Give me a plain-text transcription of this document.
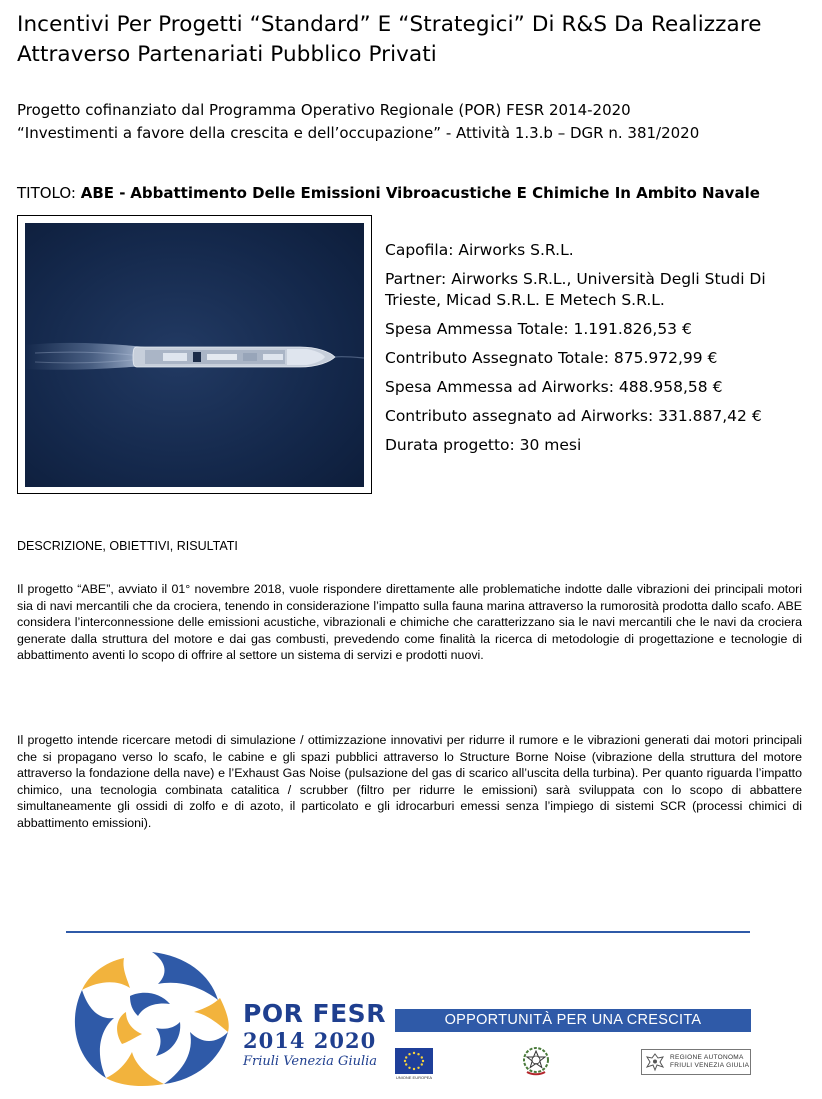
Incentivi Per Progetti “Standard” E “Strategici” Di R&S Da Realizzare Attraverso Partenariati Pubblico Privati
Progetto cofinanziato dal Programma Operativo Regionale (POR) FESR 2014-2020
“Investimenti a favore della crescita e dell’occupazione” - Attività 1.3.b – DGR n. 381/2020
TITOLO: ABE - Abbattimento Delle Emissioni Vibroacustiche E Chimiche In Ambito Navale
Capofila: Airworks S.R.L.
Partner: Airworks S.R.L., Università Degli Studi Di Trieste, Micad S.R.L. E Metech S.R.L.
Spesa Ammessa Totale: 1.191.826,53 €
Contributo Assegnato Totale: 875.972,99 €
Spesa Ammessa ad Airworks: 488.958,58 €
Contributo assegnato ad Airworks: 331.887,42 €
Durata progetto: 30 mesi
DESCRIZIONE, OBIETTIVI, RISULTATI

Il progetto “ABE”, avviato il 01° novembre 2018, vuole rispondere direttamente alle problematiche indotte dalle vibrazioni dei principali motori sia di navi mercantili che da crociera, tenendo in considerazione l’impatto sulla fauna marina attraverso la rumorosità prodotta dallo scafo. ABE considera l’interconnessione delle emissioni acustiche, vibrazionali e chimiche che caratterizzano sia le navi mercantili che le navi da crociera generate dalla struttura del motore e dai gas combusti, prevedendo come finalità la ricerca di metodologie di progettazione e tecnologie di abbattimento aventi lo scopo di offrire al settore un sistema di servizi e prodotti nuovi.

Il progetto intende ricercare metodi di simulazione / ottimizzazione innovativi per ridurre il rumore e le vibrazioni generati dai motori principali che si propagano verso lo scafo, le cabine e gli spazi pubblici attraverso lo Structure Borne Noise (vibrazione della struttura del motore attraverso la fondazione della nave) e l’Exhaust Gas Noise (pulsazione del gas di scarico all’uscita della turbina). Per quanto riguarda l’impatto chimico, una tecnologia combinata catalitica / scrubber (filtro per ridurre le emissioni) sarà sviluppata con lo scopo di abbattere simultaneamente gli ossidi di zolfo e di azoto, il particolato e gli idrocarburi emessi senza l’impiego di sistemi SCR (processi chimici di abbattimento emissioni).

POR FESR
2014 2020
Friuli Venezia Giulia
OPPORTUNITÀ PER UNA CRESCITA SOSTENIBILE
UNIONE EUROPEA
REGIONE AUTONOMA
FRIULI VENEZIA GIULIA
